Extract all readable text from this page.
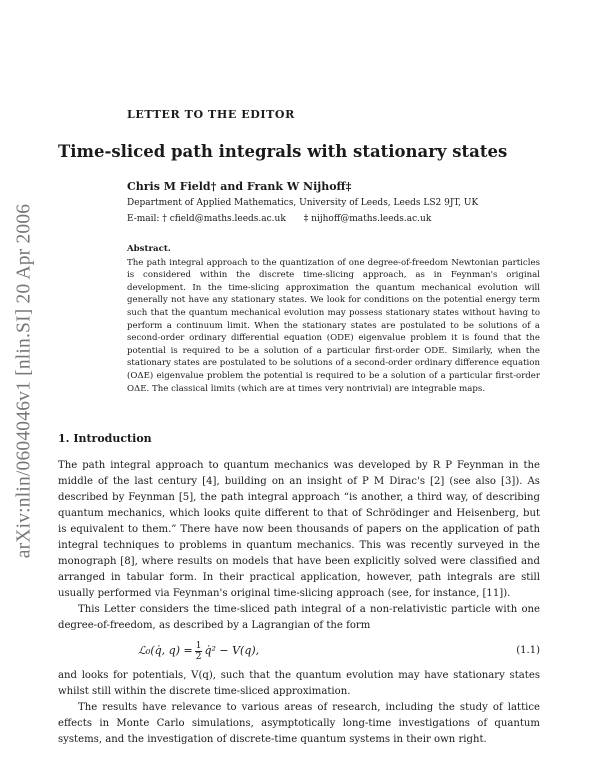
arXiv:nlin/0604046v1 [nlin.SI] 20 Apr 2006
LETTER TO THE EDITOR
Time-sliced path integrals with stationary states
Chris M Field† and Frank W Nijhoff‡
Department of Applied Mathematics, University of Leeds, Leeds LS2 9JT, UK
E-mail: † cfield@maths.leeds.ac.uk ‡ nijhoff@maths.leeds.ac.uk
Abstract.
The path integral approach to the quantization of one degree-of-freedom Newtonian particles is considered within the discrete time-slicing approach, as in Feynman's original development. In the time-slicing approximation the quantum mechanical evolution will generally not have any stationary states. We look for conditions on the potential energy term such that the quantum mechanical evolution may possess stationary states without having to perform a continuum limit. When the stationary states are postulated to be solutions of a second-order ordinary differential equation (ODE) eigenvalue problem it is found that the potential is required to be a solution of a particular first-order ODE. Similarly, when the stationary states are postulated to be solutions of a second-order ordinary difference equation (OΔE) eigenvalue problem the potential is required to be a solution of a particular first-order OΔE. The classical limits (which are at times very nontrivial) are integrable maps.
1. Introduction

The path integral approach to quantum mechanics was developed by R P Feynman in the middle of the last century [4], building on an insight of P M Dirac's [2] (see also [3]). As described by Feynman [5], the path integral approach “is another, a third way, of describing quantum mechanics, which looks quite different to that of Schrödinger and Heisenberg, but is equivalent to them.” There have now been thousands of papers on the application of path integral techniques to problems in quantum mechanics. This was recently surveyed in the monograph [8], where results on models that have been explicitly solved were classified and arranged in tabular form. In their practical application, however, path integrals are still usually performed via Feynman's original time-slicing approach (see, for instance, [11]).

This Letter considers the time-sliced path integral of a non-relativistic particle with one degree-of-freedom, as described by a Lagrangian of the form

ℒ₀(q̇, $q) = \frac{1}{2}$ q̇² − V(q),	(1.1)

and looks for potentials, V(q), such that the quantum evolution may have stationary states whilst still within the discrete time-sliced approximation.

The results have relevance to various areas of research, including the study of lattice effects in Monte Carlo simulations, asymptotically long-time investigations of quantum systems, and the investigation of discrete-time quantum systems in their own right.
